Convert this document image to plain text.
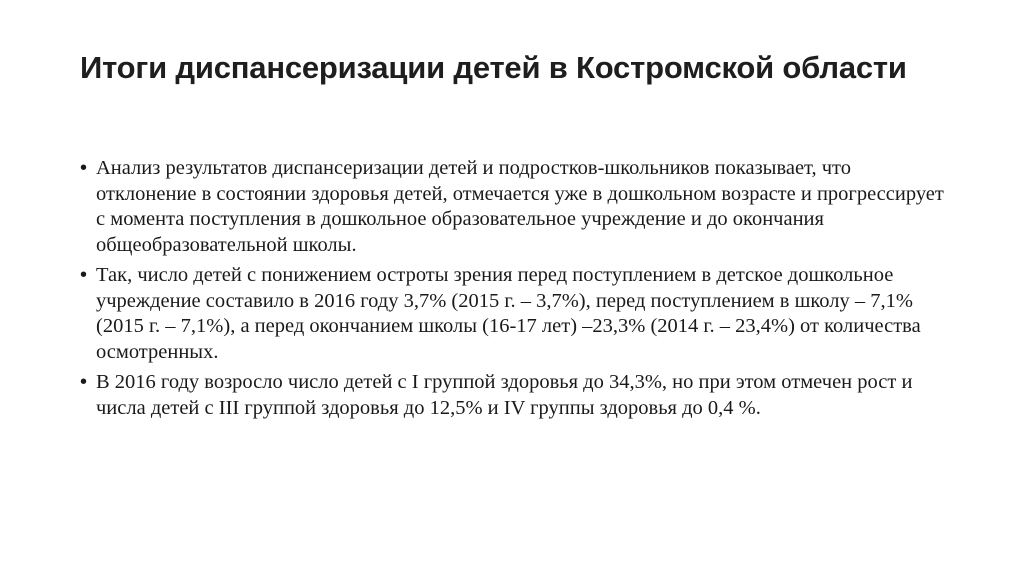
Итоги диспансеризации детей в Костромской области
• Анализ результатов диспансеризации детей и подростков-школьников показывает, что отклонение в состоянии здоровья детей, отмечается уже в дошкольном возрасте и прогрессирует с момента поступления в дошкольное образовательное учреждение и до окончания общеобразовательной школы.
• Так, число детей с понижением остроты зрения перед поступлением в детское дошкольное учреждение составило в 2016 году 3,7% (2015 г. – 3,7%), перед поступлением в школу – 7,1% (2015 г. – 7,1%), а перед окончанием школы (16-17 лет) –23,3% (2014 г. – 23,4%) от количества осмотренных.
• В 2016 году возросло число детей с I группой здоровья до 34,3%, но при этом отмечен рост и числа детей с III группой здоровья до 12,5% и IV группы здоровья до 0,4 %.
